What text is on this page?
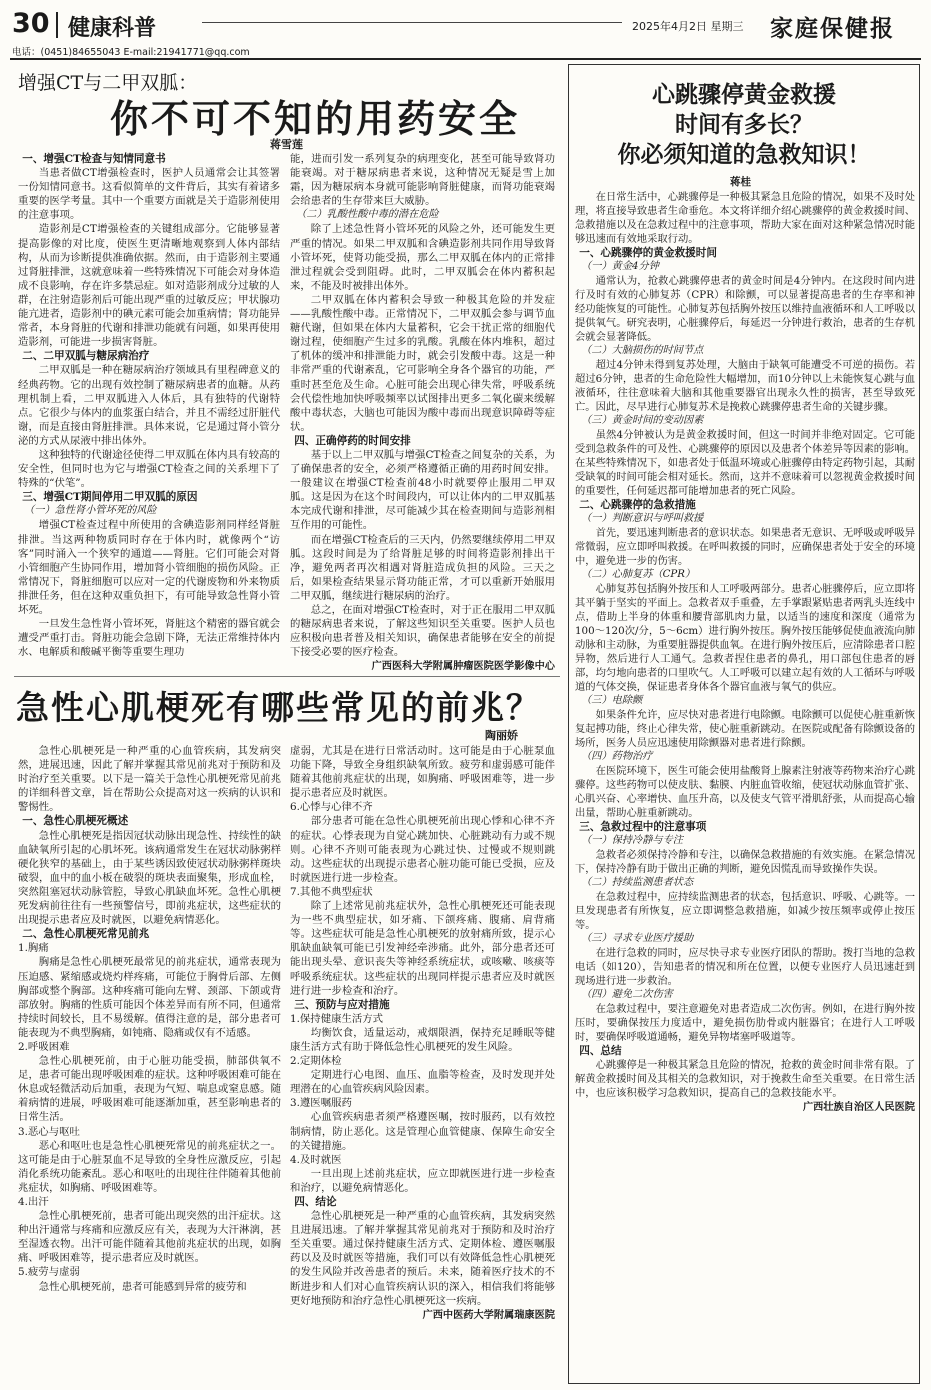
30 健康科普	2025年4月2日 星期三 家庭保健报
电话：(0451)84655043 E-mail:21941771@qq.com
增强CT与二甲双胍：
你不可不知的用药安全
蒋雪莲
一、增强CT检查与知情同意书

当患者做CT增强检查时，医护人员通常会让其签署一份知情同意书。这看似简单的文件背后，其实有着诸多重要的医学考量。其中一个重要方面就是关于造影剂使用的注意事项。

造影剂是CT增强检查的关键组成部分。它能够显著提高影像的对比度，使医生更清晰地观察到人体内部结构，从而为诊断提供准确依据。然而，由于造影剂主要通过肾脏排泄，这就意味着一些特殊情况下可能会对身体造成不良影响，存在许多禁忌症。如对造影剂成分过敏的人群，在注射造影剂后可能出现严重的过敏反应；甲状腺功能亢进者，造影剂中的碘元素可能会加重病情；肾功能异常者，本身肾脏的代谢和排泄功能就有问题，如果再使用造影剂，可能进一步损害肾脏。

二、二甲双胍与糖尿病治疗

二甲双胍是一种在糖尿病治疗领域具有里程碑意义的经典药物。它的出现有效控制了糖尿病患者的血糖。从药理机制上看，二甲双胍进入人体后，具有独特的代谢特点。它很少与体内的血浆蛋白结合，并且不需经过肝脏代谢，而是直接由肾脏排泄。具体来说，它是通过肾小管分泌的方式从尿液中排出体外。

这种独特的代谢途径使得二甲双胍在体内具有较高的安全性，但同时也为它与增强CT检查之间的关系埋下了特殊的“伏笔”。

三、增强CT期间停用二甲双胍的原因
（一）急性肾小管坏死的风险

增强CT检查过程中所使用的含碘造影剂同样经肾脏排泄。当这两种物质同时存在于体内时，就像两个“访客”同时涌入一个狭窄的通道——肾脏。它们可能会对肾小管细胞产生协同作用，增加肾小管细胞的损伤风险。正常情况下，肾脏细胞可以应对一定的代谢废物和外来物质排泄任务，但在这种双重负担下，有可能导致急性肾小管坏死。

一旦发生急性肾小管坏死，肾脏这个精密的器官就会遭受严重打击。肾脏功能会急剧下降，无法正常维持体内水、电解质和酸碱平衡等重要生理功

能，进而引发一系列复杂的病理变化，甚至可能导致肾功能衰竭。对于糖尿病患者来说，这种情况无疑是雪上加霜，因为糖尿病本身就可能影响肾脏健康，而肾功能衰竭会给患者的生存带来巨大威胁。
（二）乳酸性酸中毒的潜在危险

除了上述急性肾小管坏死的风险之外，还可能发生更严重的情况。如果二甲双胍和含碘造影剂共同作用导致肾小管坏死，使肾功能受损，那么二甲双胍在体内的正常排泄过程就会受到阻碍。此时，二甲双胍会在体内蓄积起来，不能及时被排出体外。

二甲双胍在体内蓄积会导致一种极其危险的并发症——乳酸性酸中毒。正常情况下，二甲双胍会参与调节血糖代谢，但如果在体内大量蓄积，它会干扰正常的细胞代谢过程，使细胞产生过多的乳酸。乳酸在体内堆积，超过了机体的缓冲和排泄能力时，就会引发酸中毒。这是一种非常严重的代谢紊乱，它可影响全身各个器官的功能，严重时甚至危及生命。心脏可能会出现心律失常，呼吸系统会代偿性地加快呼吸频率以试图排出更多二氧化碳来缓解酸中毒状态，大脑也可能因为酸中毒而出现意识障碍等症状。

四、正确停药的时间安排

基于以上二甲双胍与增强CT检查之间复杂的关系，为了确保患者的安全，必须严格遵循正确的用药时间安排。一般建议在增强CT检查前48小时就要停止服用二甲双胍。这是因为在这个时间段内，可以让体内的二甲双胍基本完成代谢和排泄，尽可能减少其在检查期间与造影剂相互作用的可能性。

而在增强CT检查后的三天内，仍然要继续停用二甲双胍。这段时间是为了给肾脏足够的时间将造影剂排出干净，避免两者再次相遇对肾脏造成负担的风险。三天之后，如果检查结果显示肾功能正常，才可以重新开始服用二甲双胍，继续进行糖尿病的治疗。

总之，在面对增强CT检查时，对于正在服用二甲双胍的糖尿病患者来说，了解这些知识至关重要。医护人员也应积极向患者普及相关知识，确保患者能够在安全的前提下接受必要的医疗检查。

广西医科大学附属肿瘤医院医学影像中心
急性心肌梗死有哪些常见的前兆？
陶丽娇

急性心肌梗死是一种严重的心血管疾病，其发病突然，进展迅速，因此了解并掌握其常见前兆对于预防和及时治疗至关重要。以下是一篇关于急性心肌梗死常见前兆的详细科普文章，旨在帮助公众提高对这一疾病的认识和警惕性。

一、急性心肌梗死概述

急性心肌梗死是指因冠状动脉出现急性、持续性的缺血缺氧所引起的心肌坏死。该病通常发生在冠状动脉粥样硬化狭窄的基础上，由于某些诱因致使冠状动脉粥样斑块破裂，血中的血小板在破裂的斑块表面聚集，形成血栓，突然阻塞冠状动脉管腔，导致心肌缺血坏死。急性心肌梗死发病前往往有一些预警信号，即前兆症状，这些症状的出现提示患者应及时就医，以避免病情恶化。

二、急性心肌梗死常见前兆
1.胸痛

胸痛是急性心肌梗死最常见的前兆症状，通常表现为压迫感、紧缩感或烧灼样疼痛，可能位于胸骨后部、左侧胸部或整个胸部。这种疼痛可能向左臂、颈部、下颌或背部放射。胸痛的性质可能因个体差异而有所不同，但通常持续时间较长，且不易缓解。值得注意的是，部分患者可能表现为不典型胸痛，如钝痛、隐痛或仅有不适感。

2.呼吸困难

急性心肌梗死前，由于心脏功能受损，肺部供氧不足，患者可能出现呼吸困难的症状。这种呼吸困难可能在休息或轻微活动后加重，表现为气短、喘息或窒息感。随着病情的进展，呼吸困难可能逐渐加重，甚至影响患者的日常生活。

3.恶心与呕吐

恶心和呕吐也是急性心肌梗死常见的前兆症状之一。这可能是由于心脏泵血不足导致的全身性应激反应，引起消化系统功能紊乱。恶心和呕吐的出现往往伴随着其他前兆症状，如胸痛、呼吸困难等。

4.出汗

急性心肌梗死前，患者可能出现突然的出汗症状。这种出汗通常与疼痛和应激反应有关，表现为大汗淋漓，甚至湿透衣物。出汗可能伴随着其他前兆症状的出现，如胸痛、呼吸困难等，提示患者应及时就医。

5.疲劳与虚弱

急性心肌梗死前，患者可能感到异常的疲劳和

虚弱，尤其是在进行日常活动时。这可能是由于心脏泵血功能下降，导致全身组织缺氧所致。疲劳和虚弱感可能伴随着其他前兆症状的出现，如胸痛、呼吸困难等，进一步提示患者应及时就医。
6.心悸与心律不齐

部分患者可能在急性心肌梗死前出现心悸和心律不齐的症状。心悸表现为自觉心跳加快、心脏跳动有力或不规则。心律不齐则可能表现为心跳过快、过慢或不规则跳动。这些症状的出现提示患者心脏功能可能已受损，应及时就医进行进一步检查。

7.其他不典型症状

除了上述常见前兆症状外，急性心肌梗死还可能表现为一些不典型症状，如牙痛、下颌疼痛、腹痛、肩背痛等。这些症状可能是急性心肌梗死的放射痛所致，提示心肌缺血缺氧可能已引发神经牵涉痛。此外，部分患者还可能出现头晕、意识丧失等神经系统症状，或咳嗽、咳痰等呼吸系统症状。这些症状的出现同样提示患者应及时就医进行进一步检查和治疗。

三、预防与应对措施
1.保持健康生活方式

均衡饮食，适量运动，戒烟限酒，保持充足睡眠等健康生活方式有助于降低急性心肌梗死的发生风险。

2.定期体检

定期进行心电图、血压、血脂等检查，及时发现并处理潜在的心血管疾病风险因素。

3.遵医嘱服药

心血管疾病患者须严格遵医嘱，按时服药，以有效控制病情，防止恶化。这是管理心血管健康、保障生命安全的关键措施。

4.及时就医

一旦出现上述前兆症状，应立即就医进行进一步检查和治疗，以避免病情恶化。

四、结论

急性心肌梗死是一种严重的心血管疾病，其发病突然且进展迅速。了解并掌握其常见前兆对于预防和及时治疗至关重要。通过保持健康生活方式、定期体检、遵医嘱服药以及及时就医等措施，我们可以有效降低急性心肌梗死的发生风险并改善患者的预后。未来，随着医疗技术的不断进步和人们对心血管疾病认识的深入，相信我们将能够更好地预防和治疗急性心肌梗死这一疾病。

广西中医药大学附属瑞康医院
心跳骤停黄金救援
时间有多长？
你必须知道的急救知识！
蒋桂

在日常生活中，心跳骤停是一种极其紧急且危险的情况，如果不及时处理，将直接导致患者生命垂危。本文将详细介绍心跳骤停的黄金救援时间、急救措施以及在急救过程中的注意事项，帮助大家在面对这种紧急情况时能够迅速而有效地采取行动。

一、心跳骤停的黄金救援时间
（一）黄金4分钟

通常认为，抢救心跳骤停患者的黄金时间是4分钟内。在这段时间内进行及时有效的心肺复苏（CPR）和除颤，可以显著提高患者的生存率和神经功能恢复的可能性。心肺复苏包括胸外按压以维持血液循环和人工呼吸以提供氧气。研究表明，心脏骤停后，每延迟一分钟进行救治，患者的生存机会就会显著降低。

（二）大脑损伤的时间节点

超过4分钟未得到复苏处理，大脑由于缺氧可能遭受不可逆的损伤。若超过6分钟，患者的生命危险性大幅增加，而10分钟以上未能恢复心跳与血液循环，往往意味着大脑和其他重要器官出现永久性的损害，甚至导致死亡。因此，尽早进行心肺复苏术是挽救心跳骤停患者生命的关键步骤。

（三）黄金时间的变动因素

虽然4分钟被认为是黄金救援时间，但这一时间并非绝对固定。它可能受到急救条件的可及性、心跳骤停的原因以及患者个体差异等因素的影响。在某些特殊情况下，如患者处于低温环境或心脏骤停由特定药物引起，其耐受缺氧的时间可能会相对延长。然而，这并不意味着可以忽视黄金救援时间的重要性，任何延迟都可能增加患者的死亡风险。

二、心跳骤停的急救措施
（一）判断意识与呼叫救援

首先，要迅速判断患者的意识状态。如果患者无意识、无呼吸或呼吸异常微弱，应立即呼叫救援。在呼叫救援的同时，应确保患者处于安全的环境中，避免进一步的伤害。

（二）心肺复苏（CPR）

心肺复苏包括胸外按压和人工呼吸两部分。患者心脏骤停后，应立即将其平躺于坚实的平面上。急救者双手重叠，左手掌跟紧贴患者两乳头连线中点，借助上半身的体重和腰背部肌肉力量，以适当的速度和深度（通常为100～120次/分，5～6cm）进行胸外按压。胸外按压能够促使血液流向肺动脉和主动脉，为重要脏器提供血氧。在进行胸外按压后，应清除患者口腔异物，然后进行人工通气。急救者捏住患者的鼻孔，用口部包住患者的唇部，均匀地向患者的口里吹气。人工呼吸可以建立起有效的人工循环与呼吸道的气体交换，保证患者身体各个器官血液与氧气的供应。

（三）电除颤

如果条件允许，应尽快对患者进行电除颤。电除颤可以促使心脏重新恢复起搏功能，终止心律失常，使心脏重新跳动。在医院或配备有除颤设备的场所，医务人员应迅速使用除颤器对患者进行除颤。

（四）药物治疗

在医院环境下，医生可能会使用盐酸肾上腺素注射液等药物来治疗心跳骤停。这些药物可以使皮肤、黏膜、内脏血管收缩，使冠状动脉血管扩张、心肌兴奋、心率增快、血压升高，以及使支气管平滑肌舒张，从而提高心输出量，帮助心脏重新跳动。

三、急救过程中的注意事项
（一）保持冷静与专注

急救者必须保持冷静和专注，以确保急救措施的有效实施。在紧急情况下，保持冷静有助于做出正确的判断，避免因慌乱而导致操作失误。

（二）持续监测患者状态

在急救过程中，应持续监测患者的状态，包括意识、呼吸、心跳等。一旦发现患者有所恢复，应立即调整急救措施，如减少按压频率或停止按压等。

（三）寻求专业医疗援助

在进行急救的同时，应尽快寻求专业医疗团队的帮助。拨打当地的急救电话（如120），告知患者的情况和所在位置，以便专业医疗人员迅速赶到现场进行进一步救治。

（四）避免二次伤害

在急救过程中，要注意避免对患者造成二次伤害。例如，在进行胸外按压时，要确保按压力度适中，避免损伤肋骨或内脏器官；在进行人工呼吸时，要确保呼吸道通畅，避免异物堵塞呼吸道等。

四、总结

心跳骤停是一种极其紧急且危险的情况，抢救的黄金时间非常有限。了解黄金救援时间及其相关的急救知识，对于挽救生命至关重要。在日常生活中，也应该积极学习急救知识，提高自己的急救技能水平。

广西壮族自治区人民医院
